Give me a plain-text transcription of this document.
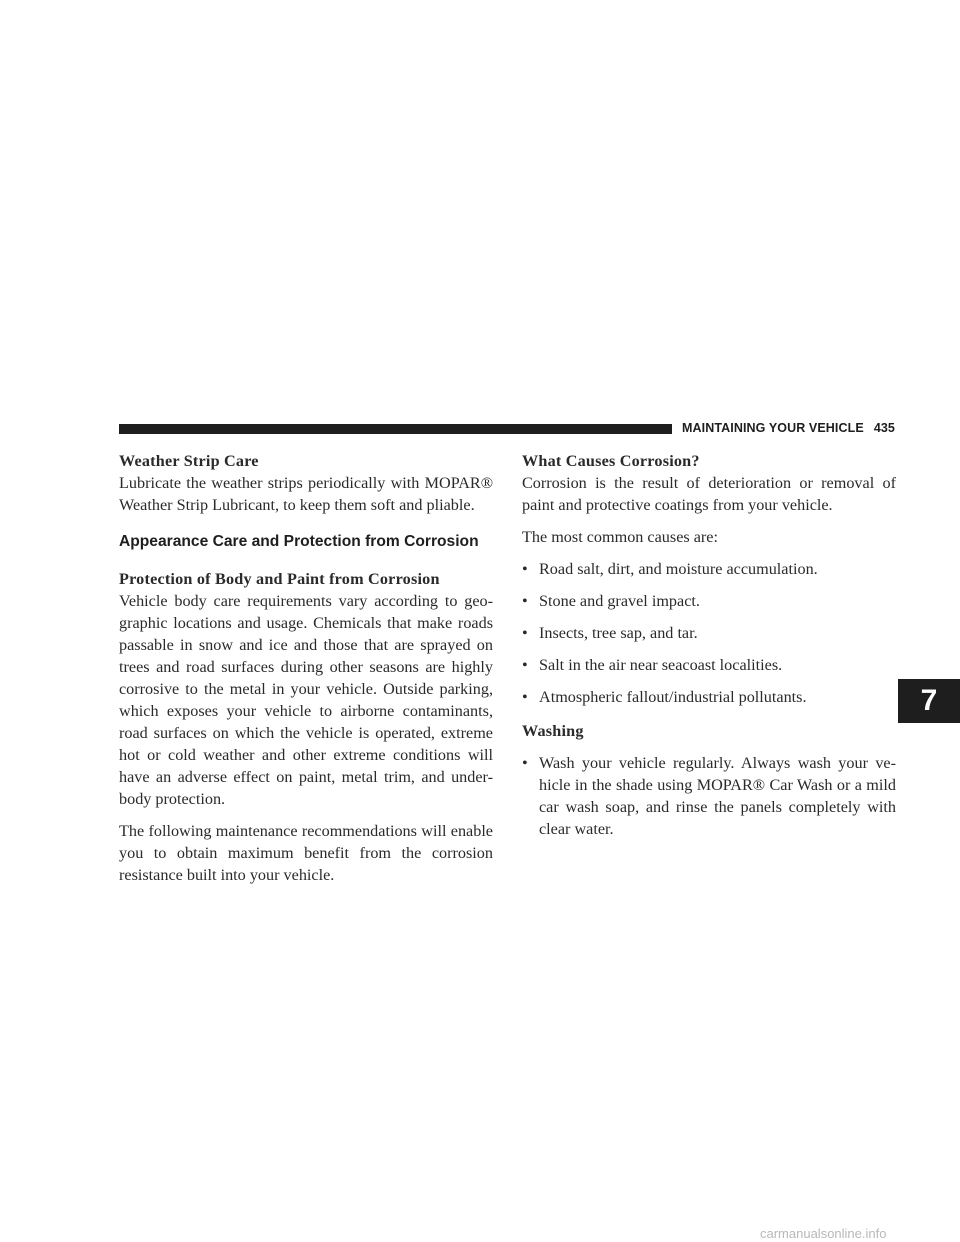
MAINTAINING YOUR VEHICLE 435

Weather Strip Care

Lubricate the weather strips periodically with MOPAR® Weather Strip Lubricant, to keep them soft and pliable.

Appearance Care and Protection from Corrosion

Protection of Body and Paint from Corrosion

Vehicle body care requirements vary according to geo-graphic locations and usage. Chemicals that make roads passable in snow and ice and those that are sprayed on trees and road surfaces during other seasons are highly corrosive to the metal in your vehicle. Outside parking, which exposes your vehicle to airborne contaminants, road surfaces on which the vehicle is operated, extreme hot or cold weather and other extreme conditions will have an adverse effect on paint, metal trim, and under-body protection.

The following maintenance recommendations will enable you to obtain maximum benefit from the corrosion resistance built into your vehicle.

What Causes Corrosion?

Corrosion is the result of deterioration or removal of paint and protective coatings from your vehicle.

The most common causes are:

• Road salt, dirt, and moisture accumulation.
• Stone and gravel impact.
• Insects, tree sap, and tar.
• Salt in the air near seacoast localities.
• Atmospheric fallout/industrial pollutants.

Washing

• Wash your vehicle regularly. Always wash your ve-hicle in the shade using MOPAR® Car Wash or a mild car wash soap, and rinse the panels completely with clear water.
7
carmanualsonline.info
